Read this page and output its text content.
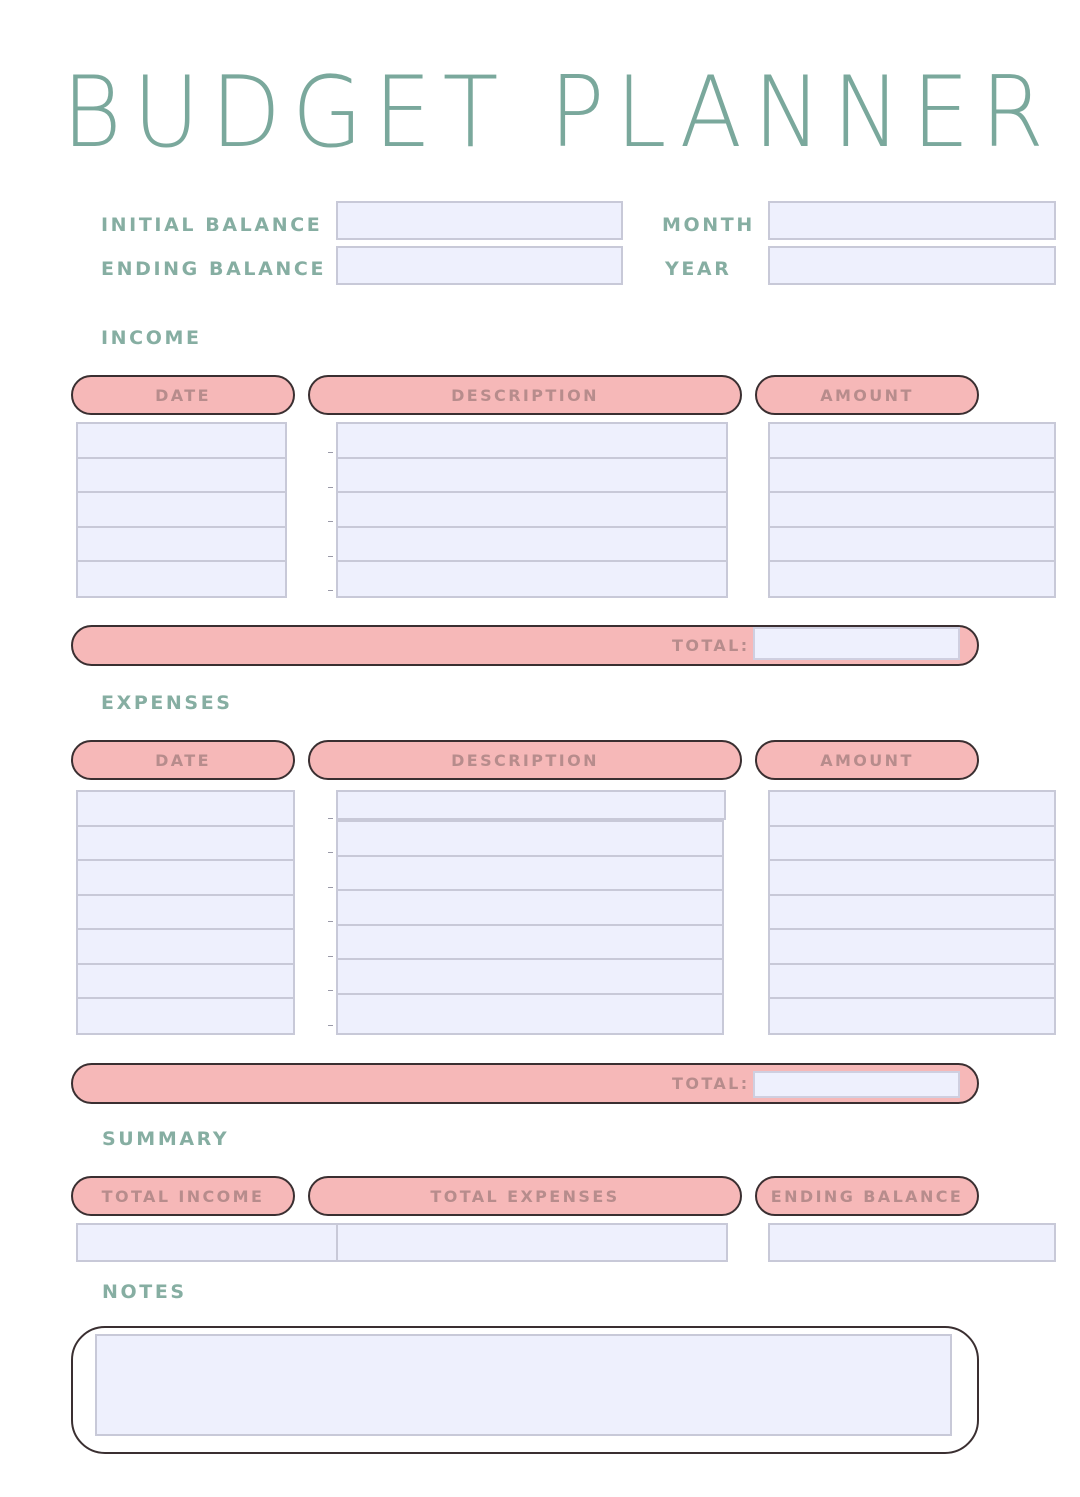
BUDGET PLANNER
INITIAL BALANCE
ENDING BALANCE
MONTH
YEAR
INCOME
DATE	DESCRIPTION	AMOUNT
TOTAL:
EXPENSES
DATE	DESCRIPTION	AMOUNT
TOTAL:
SUMMARY
TOTAL INCOME	TOTAL EXPENSES	ENDING BALANCE
NOTES
